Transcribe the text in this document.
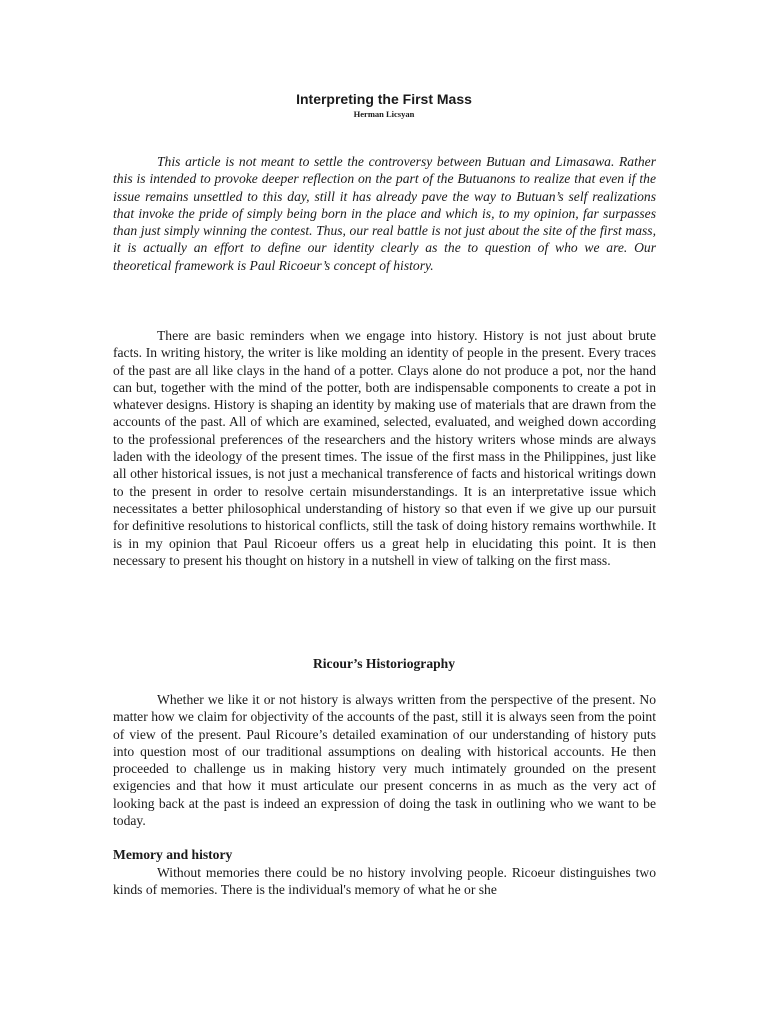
Interpreting the First Mass

Herman Licsyan

This article is not meant to settle the controversy between Butuan and Limasawa. Rather this is intended to provoke deeper reflection on the part of the Butuanons to realize that even if the issue remains unsettled to this day, still it has already pave the way to Butuan’s self realizations that invoke the pride of simply being born in the place and which is, to my opinion, far surpasses than just simply winning the contest. Thus, our real battle is not just about the site of the first mass, it is actually an effort to define our identity clearly as the to question of who we are. Our theoretical framework is Paul Ricoeur’s concept of history.

There are basic reminders when we engage into history. History is not just about brute facts. In writing history, the writer is like molding an identity of people in the present. Every traces of the past are all like clays in the hand of a potter. Clays alone do not produce a pot, nor the hand can but, together with the mind of the potter, both are indispensable components to create a pot in whatever designs. History is shaping an identity by making use of materials that are drawn from the accounts of the past. All of which are examined, selected, evaluated, and weighed down according to the professional preferences of the researchers and the history writers whose minds are always laden with the ideology of the present times. The issue of the first mass in the Philippines, just like all other historical issues, is not just a mechanical transference of facts and historical writings down to the present in order to resolve certain misunderstandings. It is an interpretative issue which necessitates a better philosophical understanding of history so that even if we give up our pursuit for definitive resolutions to historical conflicts, still the task of doing history remains worthwhile. It is in my opinion that Paul Ricoeur offers us a great help in elucidating this point. It is then necessary to present his thought on history in a nutshell in view of talking on the first mass.

Ricour’s Historiography

Whether we like it or not history is always written from the perspective of the present. No matter how we claim for objectivity of the accounts of the past, still it is always seen from the point of view of the present. Paul Ricoure’s detailed examination of our understanding of history puts into question most of our traditional assumptions on dealing with historical accounts. He then proceeded to challenge us in making history very much intimately grounded on the present exigencies and that how it must articulate our present concerns in as much as the very act of looking back at the past is indeed an expression of doing the task in outlining who we want to be today.

Memory and history

Without memories there could be no history involving people. Ricoeur distinguishes two kinds of memories. There is the individual's memory of what he or she
